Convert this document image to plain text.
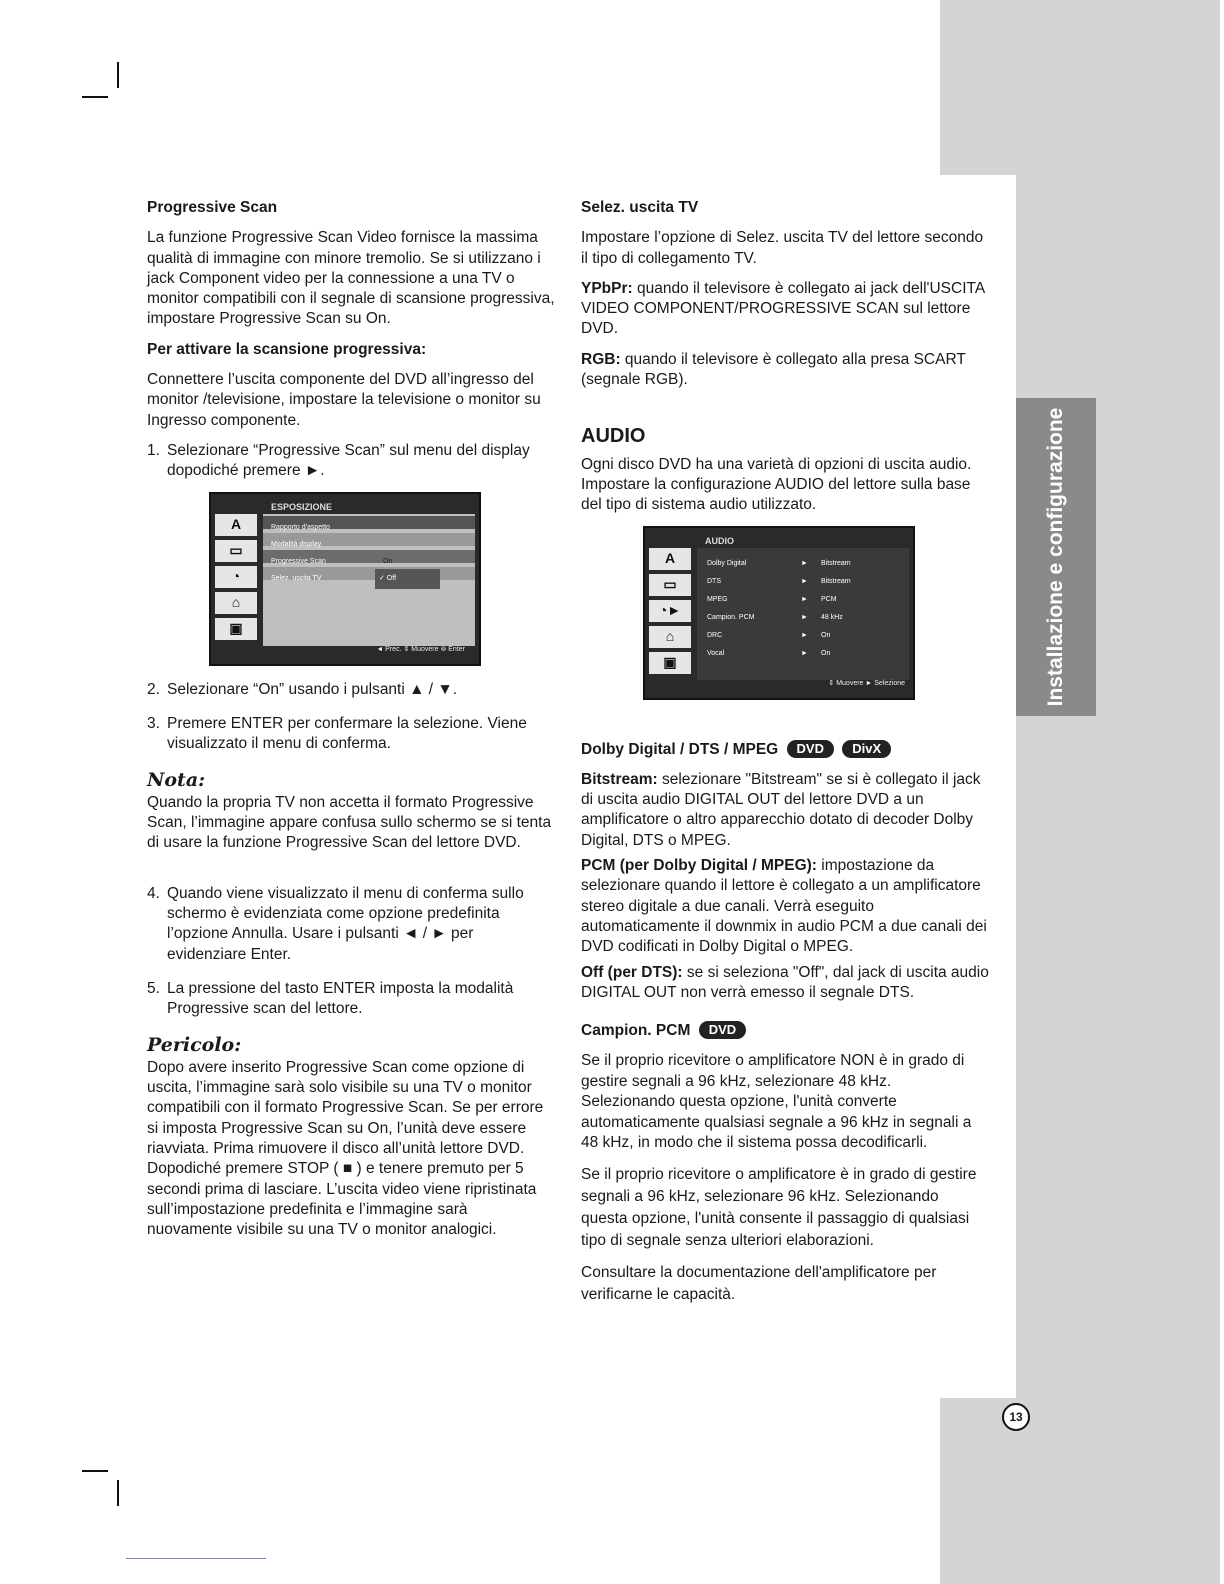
Installazione e configurazione
13
Progressive Scan

La funzione Progressive Scan Video fornisce la massima qualità di immagine con minore tremolio. Se si utilizzano i jack Component video per la connessione a una TV o monitor compatibili con il segnale di scansione progressiva, impostare Progressive Scan su On.

Per attivare la scansione progressiva:

Connettere l’uscita componente del DVD all’ingresso del monitor /televisione, impostare la televisione o monitor su Ingresso componente.

1. Selezionare “Progressive Scan” sul menu del display dopodiché premere ►.
ESPOSIZIONE
A
▭
◔
⌂
▣
Rapporto d'aspetto
Modalità display
Progressive Scan	On
Selez. uscita TV	✓ Off
◄ Prec. ⇕ Muovere ⊚ Enter
2. Selezionare “On” usando i pulsanti ▲ / ▼.
3. Premere ENTER per confermare la selezione. Viene visualizzato il menu di conferma.
Nota:

Quando la propria TV non accetta il formato Progressive Scan, l’immagine appare confusa sullo schermo se si tenta di usare la funzione Progressive Scan del lettore DVD.

4. Quando viene visualizzato il menu di conferma sullo schermo è evidenziata come opzione predefinita l’opzione Annulla. Usare i pulsanti ◄ / ► per evidenziare Enter.
5. La pressione del tasto ENTER imposta la modalità Progressive scan del lettore.
Pericolo:

Dopo avere inserito Progressive Scan come opzione di uscita, l’immagine sarà solo visibile su una TV o monitor compatibili con il formato Progressive Scan. Se per errore si imposta Progressive Scan su On, l’unità deve essere riavviata. Prima rimuovere il disco all’unità lettore DVD. Dopodiché premere STOP ( ■ ) e tenere premuto per 5 secondi prima di lasciare. L’uscita video viene ripristinata sull’impostazione predefinita e l’immagine sarà nuovamente visibile su una TV o monitor analogici.

Selez. uscita TV

Impostare l’opzione di Selez. uscita TV del lettore secondo il tipo di collegamento TV.

YPbPr: quando il televisore è collegato ai jack dell'USCITA VIDEO COMPONENT/PROGRESSIVE SCAN sul lettore DVD.

RGB: quando il televisore è collegato alla presa SCART (segnale RGB).

AUDIO

Ogni disco DVD ha una varietà di opzioni di uscita audio. Impostare la configurazione AUDIO del lettore sulla base del tipo di sistema audio utilizzato.

AUDIO
A
▭
◔►
⌂
▣
Dolby Digital	► Bitstream
DTS	► Bitstream
MPEG	► PCM
Campion. PCM	► 48 kHz
DRC	► On
Vocal	► On
⇕ Muovere ► Selezione
Dolby Digital / DTS / MPEG DVD DivX

Bitstream: selezionare "Bitstream" se si è collegato il jack di uscita audio DIGITAL OUT del lettore DVD a un amplificatore o altro apparecchio dotato di decoder Dolby Digital, DTS o MPEG.

PCM (per Dolby Digital / MPEG): impostazione da selezionare quando il lettore è collegato a un amplificatore stereo digitale a due canali. Verrà eseguito automaticamente il downmix in audio PCM a due canali dei DVD codificati in Dolby Digital o MPEG.

Off (per DTS): se si seleziona "Off", dal jack di uscita audio DIGITAL OUT non verrà emesso il segnale DTS.

Campion. PCM DVD

Se il proprio ricevitore o amplificatore NON è in grado di gestire segnali a 96 kHz, selezionare 48 kHz. Selezionando questa opzione, l'unità converte automaticamente qualsiasi segnale a 96 kHz in segnali a 48 kHz, in modo che il sistema possa decodificarli.

Se il proprio ricevitore o amplificatore è in grado di gestire segnali a 96 kHz, selezionare 96 kHz. Selezionando questa opzione, l'unità consente il passaggio di qualsiasi tipo di segnale senza ulteriori elaborazioni.

Consultare la documentazione dell'amplificatore per verificarne le capacità.
